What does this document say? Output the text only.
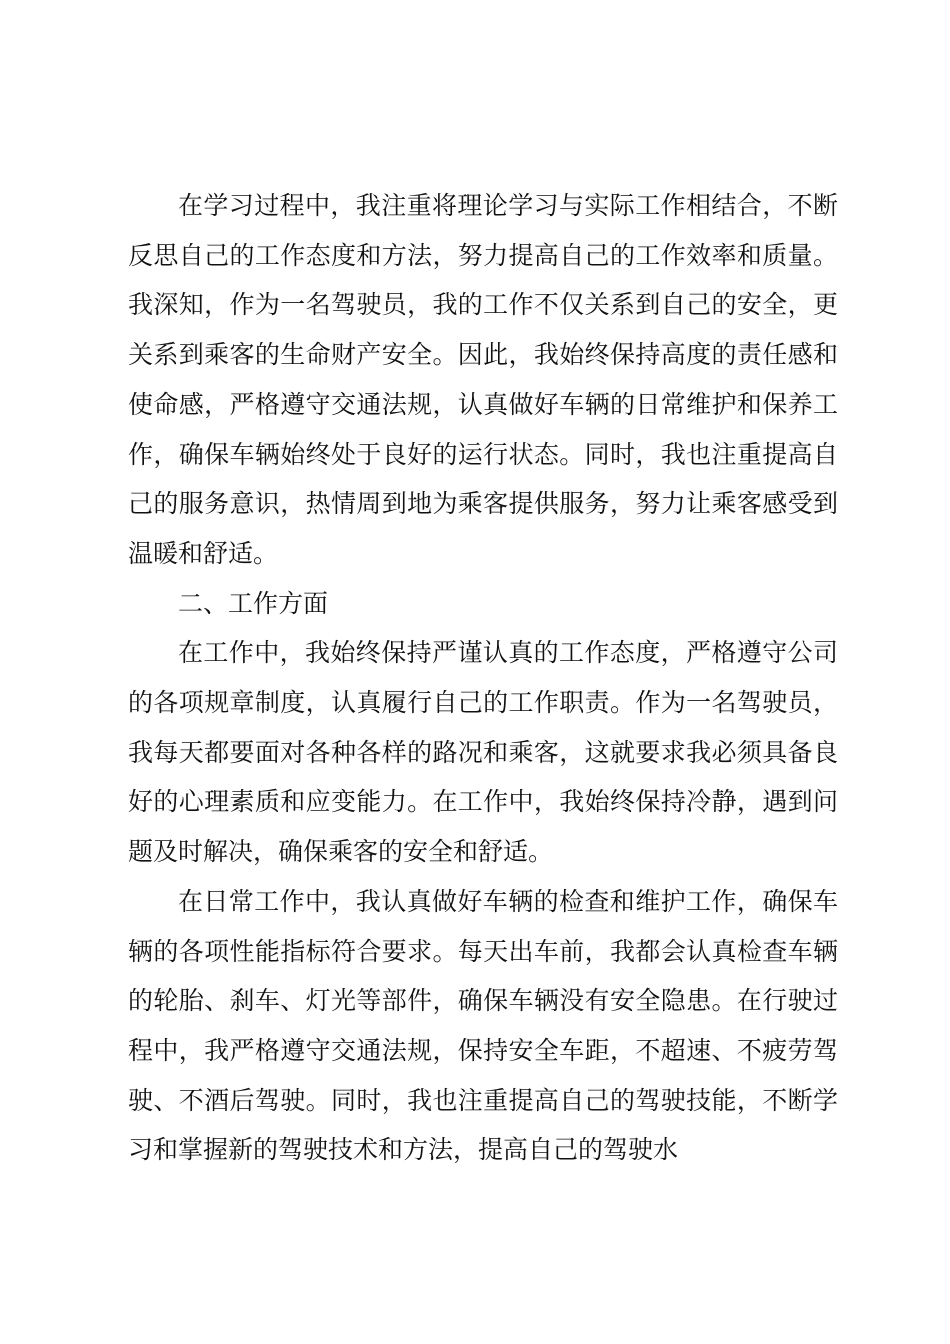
在学习过程中，我注重将理论学习与实际工作相结合，不断反思自己的工作态度和方法，努力提高自己的工作效率和质量。我深知，作为一名驾驶员，我的工作不仅关系到自己的安全，更关系到乘客的生命财产安全。因此，我始终保持高度的责任感和使命感，严格遵守交通法规，认真做好车辆的日常维护和保养工作，确保车辆始终处于良好的运行状态。同时，我也注重提高自己的服务意识，热情周到地为乘客提供服务，努力让乘客感受到温暖和舒适。

二、工作方面

在工作中，我始终保持严谨认真的工作态度，严格遵守公司的各项规章制度，认真履行自己的工作职责。作为一名驾驶员，我每天都要面对各种各样的路况和乘客，这就要求我必须具备良好的心理素质和应变能力。在工作中，我始终保持冷静，遇到问题及时解决，确保乘客的安全和舒适。

在日常工作中，我认真做好车辆的检查和维护工作，确保车辆的各项性能指标符合要求。每天出车前，我都会认真检查车辆的轮胎、刹车、灯光等部件，确保车辆没有安全隐患。在行驶过程中，我严格遵守交通法规，保持安全车距，不超速、不疲劳驾驶、不酒后驾驶。同时，我也注重提高自己的驾驶技能，不断学习和掌握新的驾驶技术和方法，提高自己的驾驶水
